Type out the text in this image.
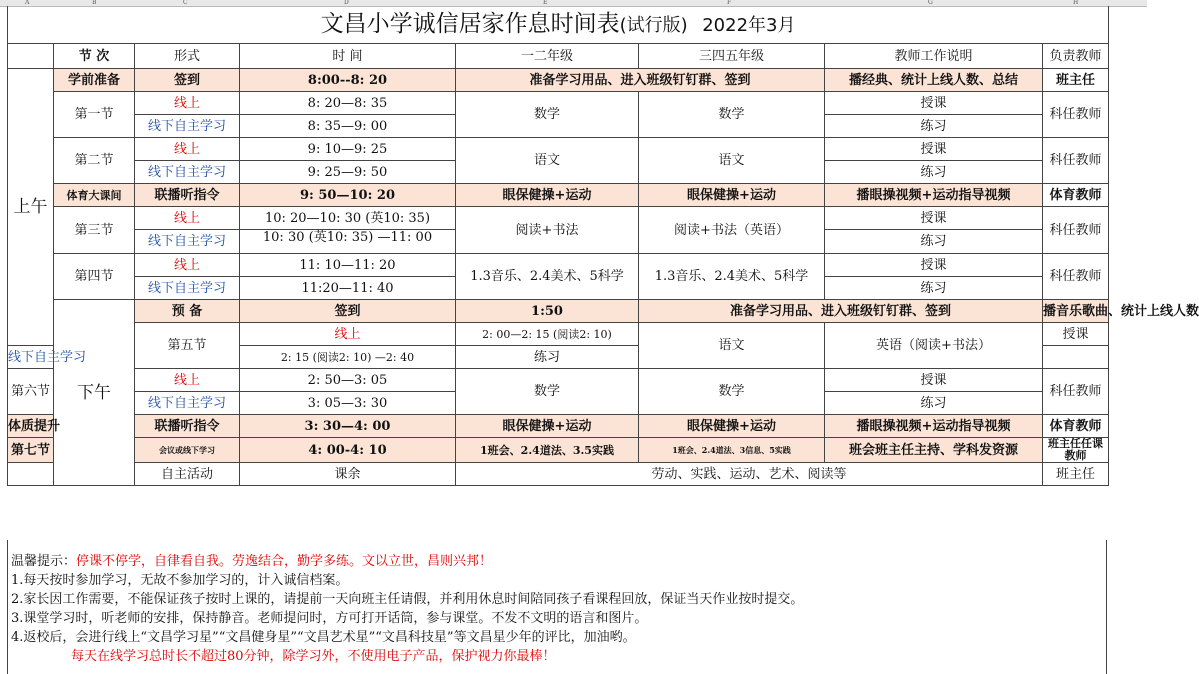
A	B	C	D	E	F	G	H
文昌小学诚信居家作息时间表(试行版) 2022年3月								
	节 次	形式	时 间	一二年级	三四五年级	教师工作说明	负责教师	
上午	学前准备	签到	8:00--8: 20	准备学习用品、进入班级钉钉群、签到		播经典、统计上线人数、总结	班主任	
	第一节	线上	8: 20—8: 35	数学	数学	授课	科任教师	
		线下自主学习	8: 35—9: 00			练习		
	第二节	线上	9: 10—9: 25	语文	语文	授课	科任教师	
		线下自主学习	9: 25—9: 50			练习		
	体育大课间	联播听指令	9: 50—10: 20	眼保健操+运动	眼保健操+运动	播眼操视频+运动指导视频	体育教师	
	第三节	线上	10: 20—10: 30 (英10: 35)	阅读+书法	阅读+书法（英语）	授课	科任教师	
		线下自主学习	10: 30 (英10: 35) —11: 00			练习		
	第四节	线上	11: 10—11: 20	1.3音乐、2.4美术、5科学	1.3音乐、2.4美术、5科学	授课	科任教师	
		线下自主学习	11:20—11: 40			练习		
	下午	预 备	签到	1:50	准备学习用品、进入班级钉钉群、签到		播音乐歌曲、统计上线人数	
		第五节	线上	2: 00—2: 15 (阅读2: 10)	语文	英语（阅读+书法）	授课	
线下自主学习			2: 15 (阅读2: 10) —2: 40	练习				
第六节		线上	2: 50—3: 05	数学	数学	授课	科任教师	
		线下自主学习	3: 05—3: 30			练习		
体质提升		联播听指令	3: 30—4: 00	眼保健操+运动	眼保健操+运动	播眼操视频+运动指导视频	体育教师	
第七节		会议或线下学习	4: 00-4: 10	1班会、2.4道法、3.5实践	1班会、2.4道法、3信息、5实践	班会班主任主持、学科发资源	班主任任课教师	
		自主活动	课余	劳动、实践、运动、艺术、阅读等			班主任	
温馨提示：停课不停学，自律看自我。劳逸结合，勤学多练。文以立世，昌则兴邦！
1.每天按时参加学习，无故不参加学习的，计入诚信档案。
2.家长因工作需要，不能保证孩子按时上课的，请提前一天向班主任请假，并利用休息时间陪同孩子看课程回放，保证当天作业按时提交。
3.课堂学习时，听老师的安排，保持静音。老师提问时，方可打开话筒，参与课堂。不发不文明的语言和图片。
4.返校后，会进行线上“文昌学习星”“文昌健身星”“文昌艺术星”“文昌科技星”等文昌星少年的评比，加油哟。
每天在线学习总时长不超过80分钟，除学习外，不使用电子产品，保护视力你最棒！
